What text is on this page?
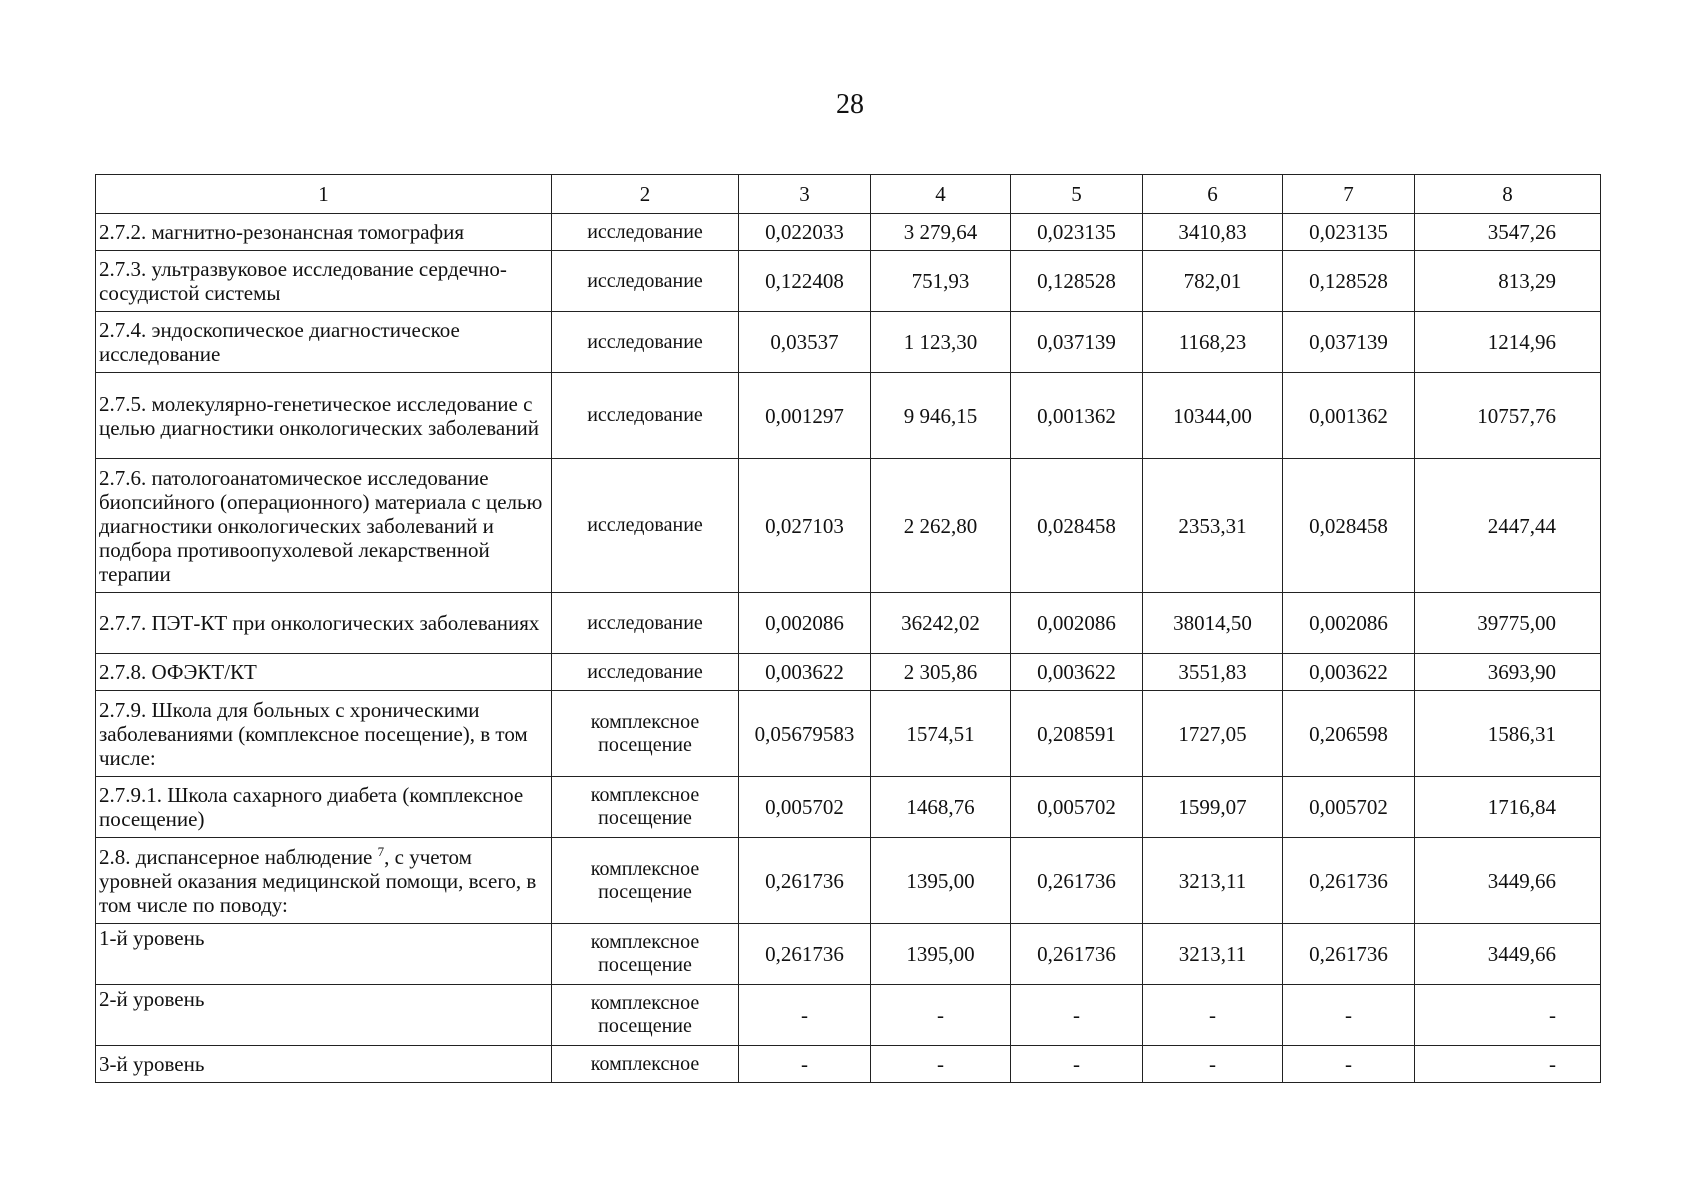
28
1	2	3	4	5	6	7	8
2.7.2. магнитно-резонансная томография	исследование	0,022033	3 279,64	0,023135	3410,83	0,023135	3547,26
2.7.3. ультразвуковое исследование сердечно-сосудистой системы	исследование	0,122408	751,93	0,128528	782,01	0,128528	813,29
2.7.4. эндоскопическое диагностическое исследование	исследование	0,03537	1 123,30	0,037139	1168,23	0,037139	1214,96
2.7.5. молекулярно-генетическое исследование с целью диагностики онкологических заболеваний	исследование	0,001297	9 946,15	0,001362	10344,00	0,001362	10757,76
2.7.6. патологоанатомическое исследование биопсийного (операционного) материала с целью диагностики онкологических заболеваний и подбора противоопухолевой лекарственной терапии	исследование	0,027103	2 262,80	0,028458	2353,31	0,028458	2447,44
2.7.7. ПЭТ-КТ при онкологических заболеваниях	исследование	0,002086	36242,02	0,002086	38014,50	0,002086	39775,00
2.7.8. ОФЭКТ/КТ	исследование	0,003622	2 305,86	0,003622	3551,83	0,003622	3693,90
2.7.9. Школа для больных с хроническими заболеваниями (комплексное посещение), в том числе:	комплексное посещение	0,05679583	1574,51	0,208591	1727,05	0,206598	1586,31
2.7.9.1. Школа сахарного диабета (комплексное посещение)	комплексное посещение	0,005702	1468,76	0,005702	1599,07	0,005702	1716,84
2.8. диспансерное наблюдение $^7$, с учетом уровней оказания медицинской помощи, всего, в том числе по поводу:	комплексное посещение	0,261736	1395,00	0,261736	3213,11	0,261736	3449,66
1-й уровень	комплексное посещение	0,261736	1395,00	0,261736	3213,11	0,261736	3449,66
2-й уровень	комплексное посещение	-	-	-	-	-	-
3-й уровень	комплексное	-	-	-	-	-	-
